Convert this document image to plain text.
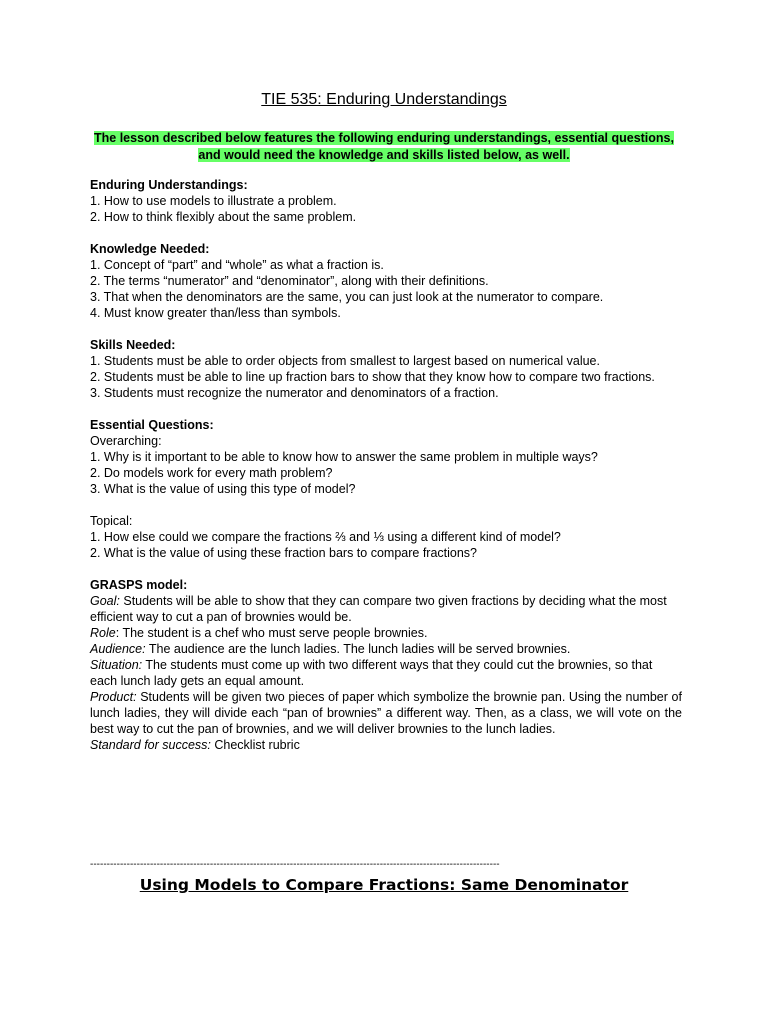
TIE 535: Enduring Understandings
The lesson described below features the following enduring understandings, essential questions, and would need the knowledge and skills listed below, as well.

Enduring Understandings:

1. How to use models to illustrate a problem.

2. How to think flexibly about the same problem.

Knowledge Needed:

1. Concept of “part” and “whole” as what a fraction is.

2. The terms “numerator” and “denominator”, along with their definitions.

3. That when the denominators are the same, you can just look at the numerator to compare.

4. Must know greater than/less than symbols.

Skills Needed:

1. Students must be able to order objects from smallest to largest based on numerical value.

2. Students must be able to line up fraction bars to show that they know how to compare two fractions.

3. Students must recognize the numerator and denominators of a fraction.

Essential Questions:

Overarching:

1. Why is it important to be able to know how to answer the same problem in multiple ways?

2. Do models work for every math problem?

3. What is the value of using this type of model?

Topical:

1. How else could we compare the fractions ⅔ and ⅓ using a different kind of model?

2. What is the value of using these fraction bars to compare fractions?

GRASPS model:

Goal: Students will be able to show that they can compare two given fractions by deciding what the most efficient way to cut a pan of brownies would be.

Role: The student is a chef who must serve people brownies.

Audience: The audience are the lunch ladies. The lunch ladies will be served brownies.

Situation: The students must come up with two different ways that they could cut the brownies, so that each lunch lady gets an equal amount.

Product: Students will be given two pieces of paper which symbolize the brownie pan. Using the number of lunch ladies, they will divide each “pan of brownies” a different way. Then, as a class, we will vote on the best way to cut the pan of brownies, and we will deliver brownies to the lunch ladies.

Standard for success: Checklist rubric

---------------------------------------------------------------------------------------------------------------------------
Using Models to Compare Fractions: Same Denominator
